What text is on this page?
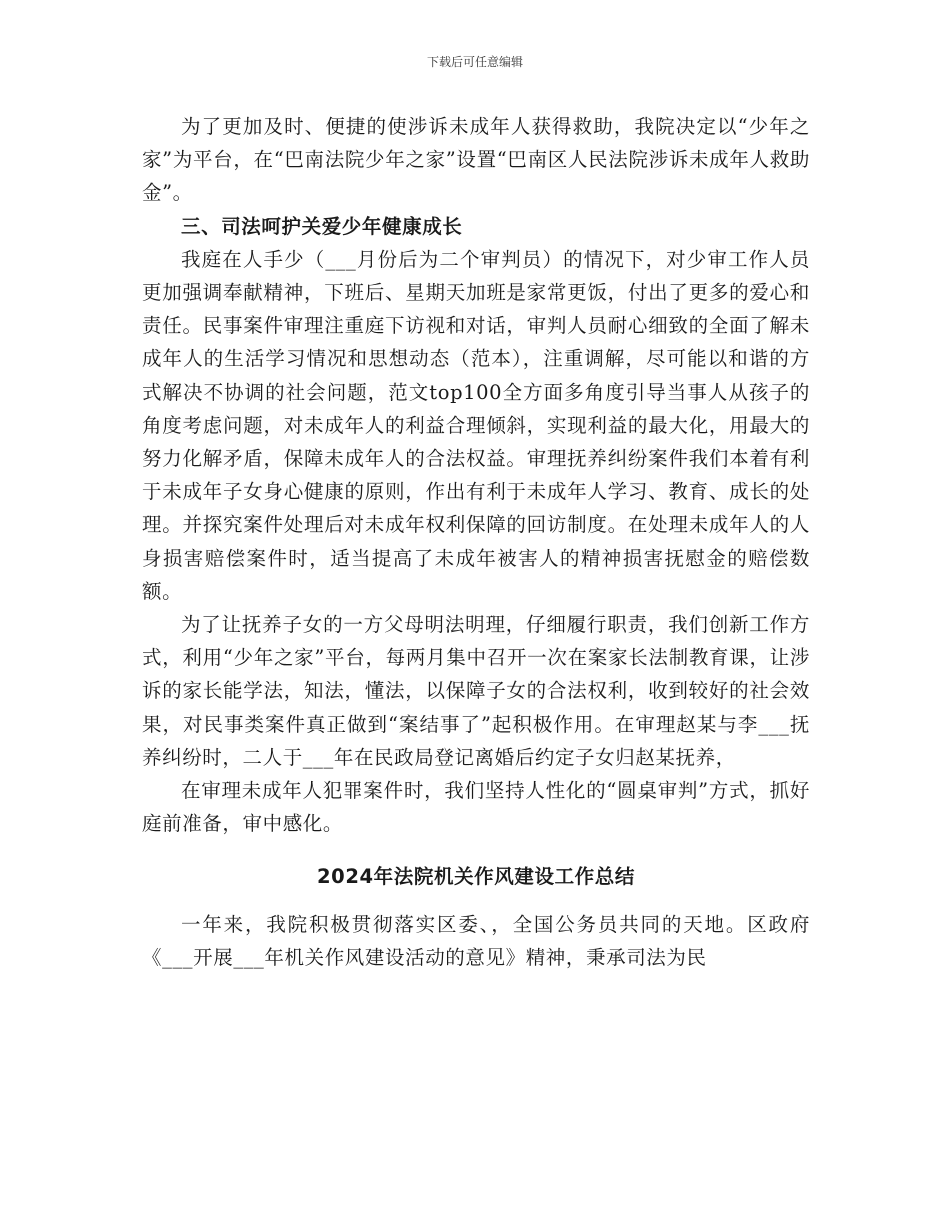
下载后可任意编辑

为了更加及时、便捷的使涉诉未成年人获得救助，我院决定以“少年之家”为平台，在“巴南法院少年之家”设置“巴南区人民法院涉诉未成年人救助金”。

三、司法呵护关爱少年健康成长

我庭在人手少（___月份后为二个审判员）的情况下，对少审工作人员更加强调奉献精神，下班后、星期天加班是家常更饭，付出了更多的爱心和责任。民事案件审理注重庭下访视和对话，审判人员耐心细致的全面了解未成年人的生活学习情况和思想动态（范本），注重调解，尽可能以和谐的方式解决不协调的社会问题，范文top100全方面多角度引导当事人从孩子的角度考虑问题，对未成年人的利益合理倾斜，实现利益的最大化，用最大的努力化解矛盾，保障未成年人的合法权益。审理抚养纠纷案件我们本着有利于未成年子女身心健康的原则，作出有利于未成年人学习、教育、成长的处理。并探究案件处理后对未成年权利保障的回访制度。在处理未成年人的人身损害赔偿案件时，适当提高了未成年被害人的精神损害抚慰金的赔偿数额。

为了让抚养子女的一方父母明法明理，仔细履行职责，我们创新工作方式，利用“少年之家”平台，每两月集中召开一次在案家长法制教育课，让涉诉的家长能学法，知法，懂法，以保障子女的合法权利，收到较好的社会效果，对民事类案件真正做到“案结事了”起积极作用。在审理赵某与李___抚养纠纷时，二人于___年在民政局登记离婚后约定子女归赵某抚养，

在审理未成年人犯罪案件时，我们坚持人性化的“圆桌审判”方式，抓好庭前准备，审中感化。

2024年法院机关作风建设工作总结

一年来，我院积极贯彻落实区委、，全国公务员共同的天地。区政府《___开展___年机关作风建设活动的意见》精神，秉承司法为民
